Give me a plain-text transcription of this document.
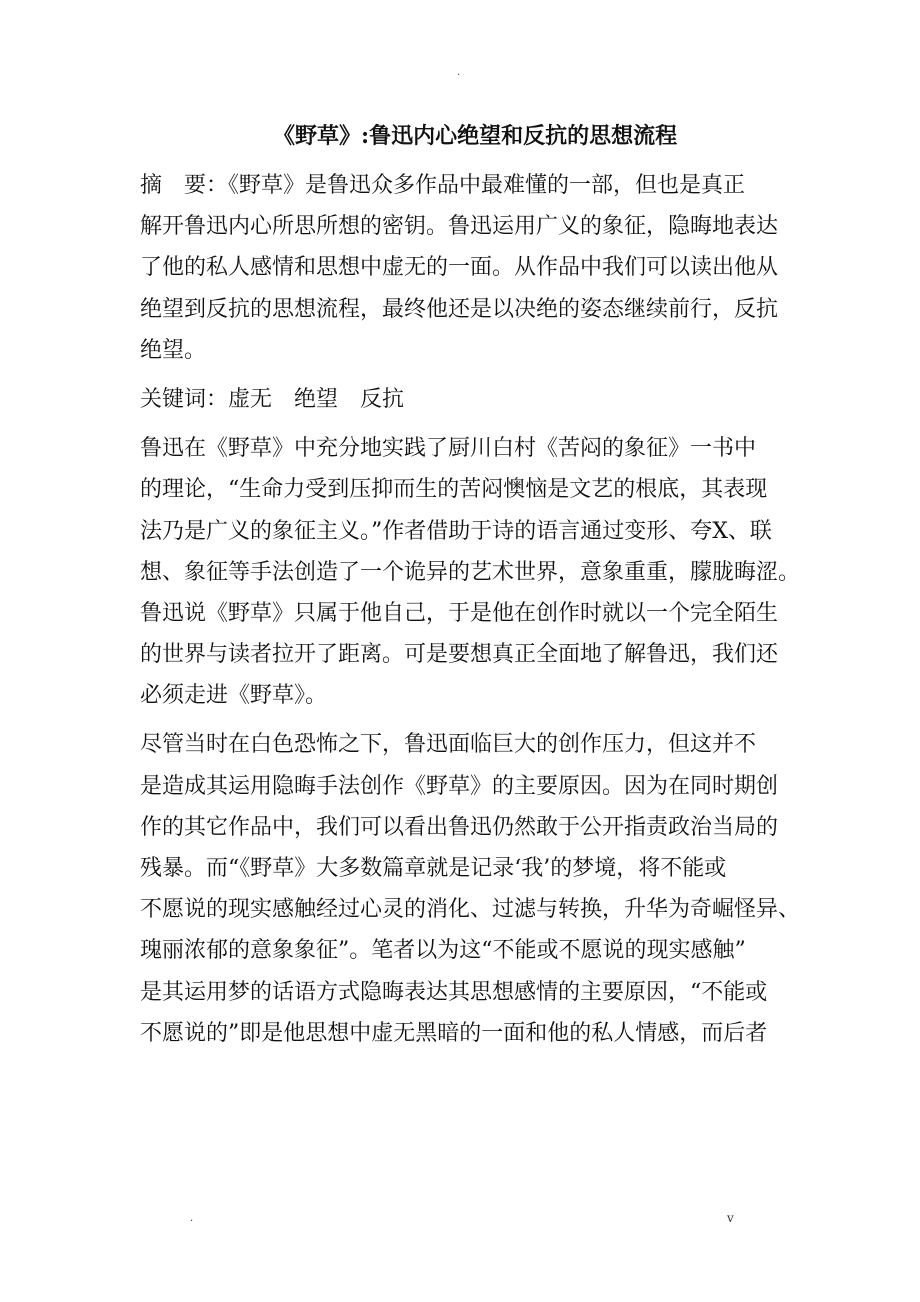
.
《野草》:鲁迅内心绝望和反抗的思想流程
摘　要：《野草》是鲁迅众多作品中最难懂的一部，但也是真正
解开鲁迅内心所思所想的密钥。鲁迅运用广义的象征，隐晦地表达
了他的私人感情和思想中虚无的一面。从作品中我们可以读出他从
绝望到反抗的思想流程，最终他还是以决绝的姿态继续前行，反抗
绝望。
关键词：虚无　绝望　反抗
鲁迅在《野草》中充分地实践了厨川白村《苦闷的象征》一书中
的理论，“生命力受到压抑而生的苦闷懊恼是文艺的根底，其表现
法乃是广义的象征主义。”作者借助于诗的语言通过变形、夸X、联
想、象征等手法创造了一个诡异的艺术世界，意象重重，朦胧晦涩。
鲁迅说《野草》只属于他自己，于是他在创作时就以一个完全陌生
的世界与读者拉开了距离。可是要想真正全面地了解鲁迅，我们还
必须走进《野草》。
尽管当时在白色恐怖之下，鲁迅面临巨大的创作压力，但这并不
是造成其运用隐晦手法创作《野草》的主要原因。因为在同时期创
作的其它作品中，我们可以看出鲁迅仍然敢于公开指责政治当局的
残暴。而“《野草》大多数篇章就是记录‘我’的梦境，将不能或
不愿说的现实感触经过心灵的消化、过滤与转换，升华为奇崛怪异、
瑰丽浓郁的意象象征”。笔者以为这“不能或不愿说的现实感触”
是其运用梦的话语方式隐晦表达其思想感情的主要原因，“不能或
不愿说的”即是他思想中虚无黑暗的一面和他的私人情感，而后者
.	v
